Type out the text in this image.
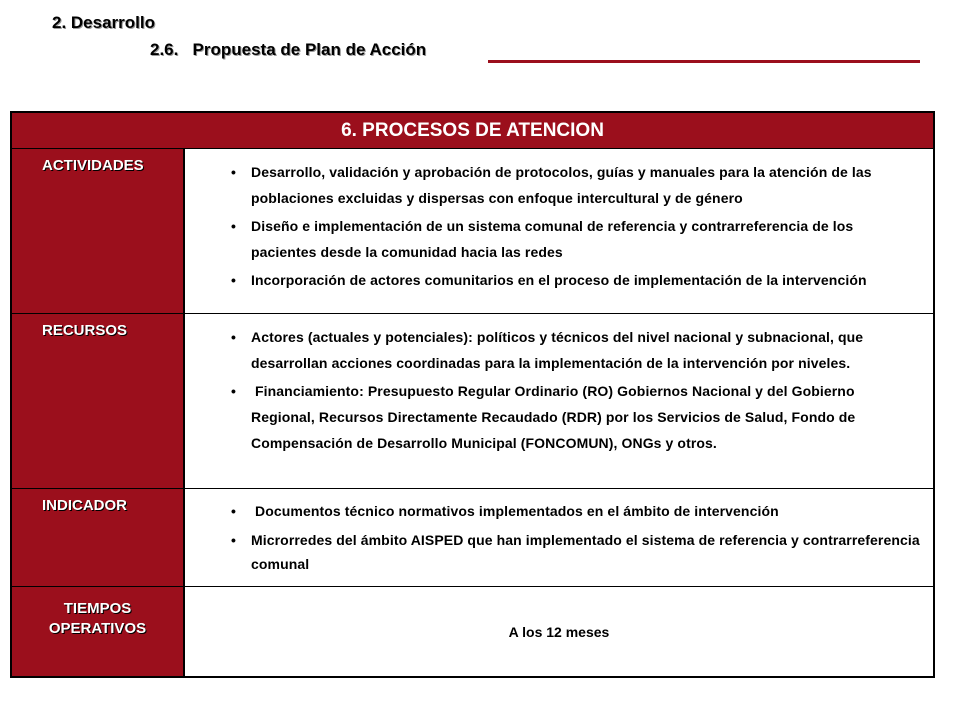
2. Desarrollo
2.6.   Propuesta de Plan de Acción
6. PROCESOS DE ATENCION
ACTIVIDADES	• Desarrollo, validación y aprobación de protocolos, guías y manuales para la atención de las poblaciones excluidas y dispersas con enfoque intercultural y de género
• Diseño e implementación de un sistema comunal de referencia y contrarreferencia de los pacientes desde la comunidad hacia las redes
• Incorporación de actores comunitarios en el proceso de implementación de la intervención
RECURSOS	• Actores (actuales y potenciales): políticos y técnicos del nivel nacional y subnacional, que desarrollan acciones coordinadas para la implementación de la intervención por niveles.
• Financiamiento: Presupuesto Regular Ordinario (RO) Gobiernos Nacional y del Gobierno Regional, Recursos Directamente Recaudado (RDR) por los Servicios de Salud, Fondo de Compensación de Desarrollo Municipal (FONCOMUN), ONGs y otros.
INDICADOR	• Documentos técnico normativos implementados en el ámbito de intervención
• Microrredes del ámbito AISPED que han implementado el sistema de referencia y contrarreferencia comunal
TIEMPOS OPERATIVOS	A los 12 meses
